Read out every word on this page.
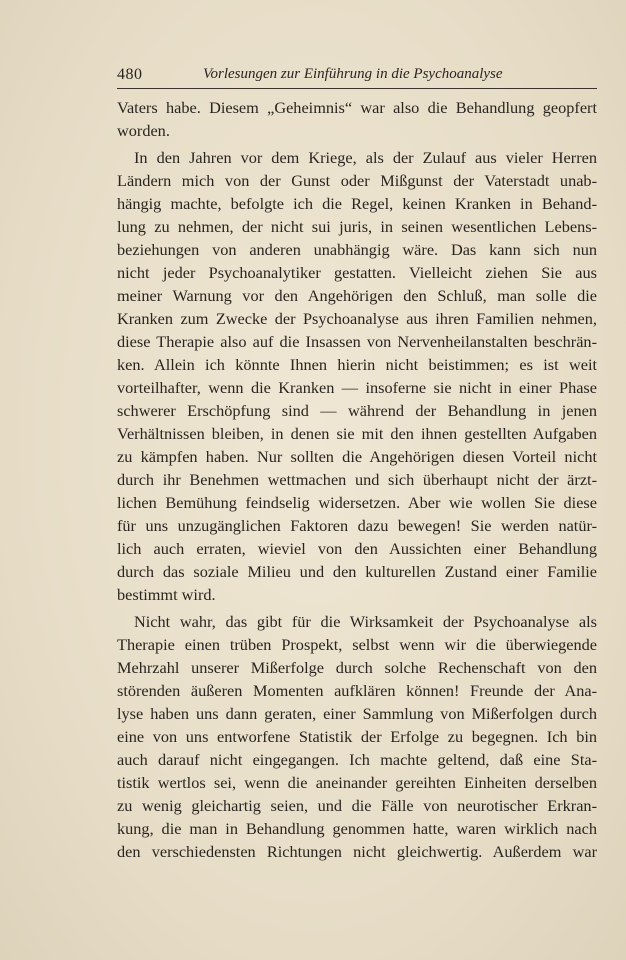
480	Vorlesungen zur Einführung in die Psychoanalyse
Vaters habe. Diesem „Geheimnis“ war also die Behandlung geopfert
worden.
In den Jahren vor dem Kriege, als der Zulauf aus vieler Herren
Ländern mich von der Gunst oder Mißgunst der Vaterstadt unab-
hängig machte, befolgte ich die Regel, keinen Kranken in Behand-
lung zu nehmen, der nicht sui juris, in seinen wesentlichen Lebens-
beziehungen von anderen unabhängig wäre. Das kann sich nun
nicht jeder Psychoanalytiker gestatten. Vielleicht ziehen Sie aus
meiner Warnung vor den Angehörigen den Schluß, man solle die
Kranken zum Zwecke der Psychoanalyse aus ihren Familien nehmen,
diese Therapie also auf die Insassen von Nervenheilanstalten beschrän-
ken. Allein ich könnte Ihnen hierin nicht beistimmen; es ist weit
vorteilhafter, wenn die Kranken — insoferne sie nicht in einer Phase
schwerer Erschöpfung sind — während der Behandlung in jenen
Verhältnissen bleiben, in denen sie mit den ihnen gestellten Aufgaben
zu kämpfen haben. Nur sollten die Angehörigen diesen Vorteil nicht
durch ihr Benehmen wettmachen und sich überhaupt nicht der ärzt-
lichen Bemühung feindselig widersetzen. Aber wie wollen Sie diese
für uns unzugänglichen Faktoren dazu bewegen! Sie werden natür-
lich auch erraten, wieviel von den Aussichten einer Behandlung
durch das soziale Milieu und den kulturellen Zustand einer Familie
bestimmt wird.
Nicht wahr, das gibt für die Wirksamkeit der Psychoanalyse als
Therapie einen trüben Prospekt, selbst wenn wir die überwiegende
Mehrzahl unserer Mißerfolge durch solche Rechenschaft von den
störenden äußeren Momenten aufklären können! Freunde der Ana-
lyse haben uns dann geraten, einer Sammlung von Mißerfolgen durch
eine von uns entworfene Statistik der Erfolge zu begegnen. Ich bin
auch darauf nicht eingegangen. Ich machte geltend, daß eine Sta-
tistik wertlos sei, wenn die aneinander gereihten Einheiten derselben
zu wenig gleichartig seien, und die Fälle von neurotischer Erkran-
kung, die man in Behandlung genommen hatte, waren wirklich nach
den verschiedensten Richtungen nicht gleichwertig. Außerdem war
